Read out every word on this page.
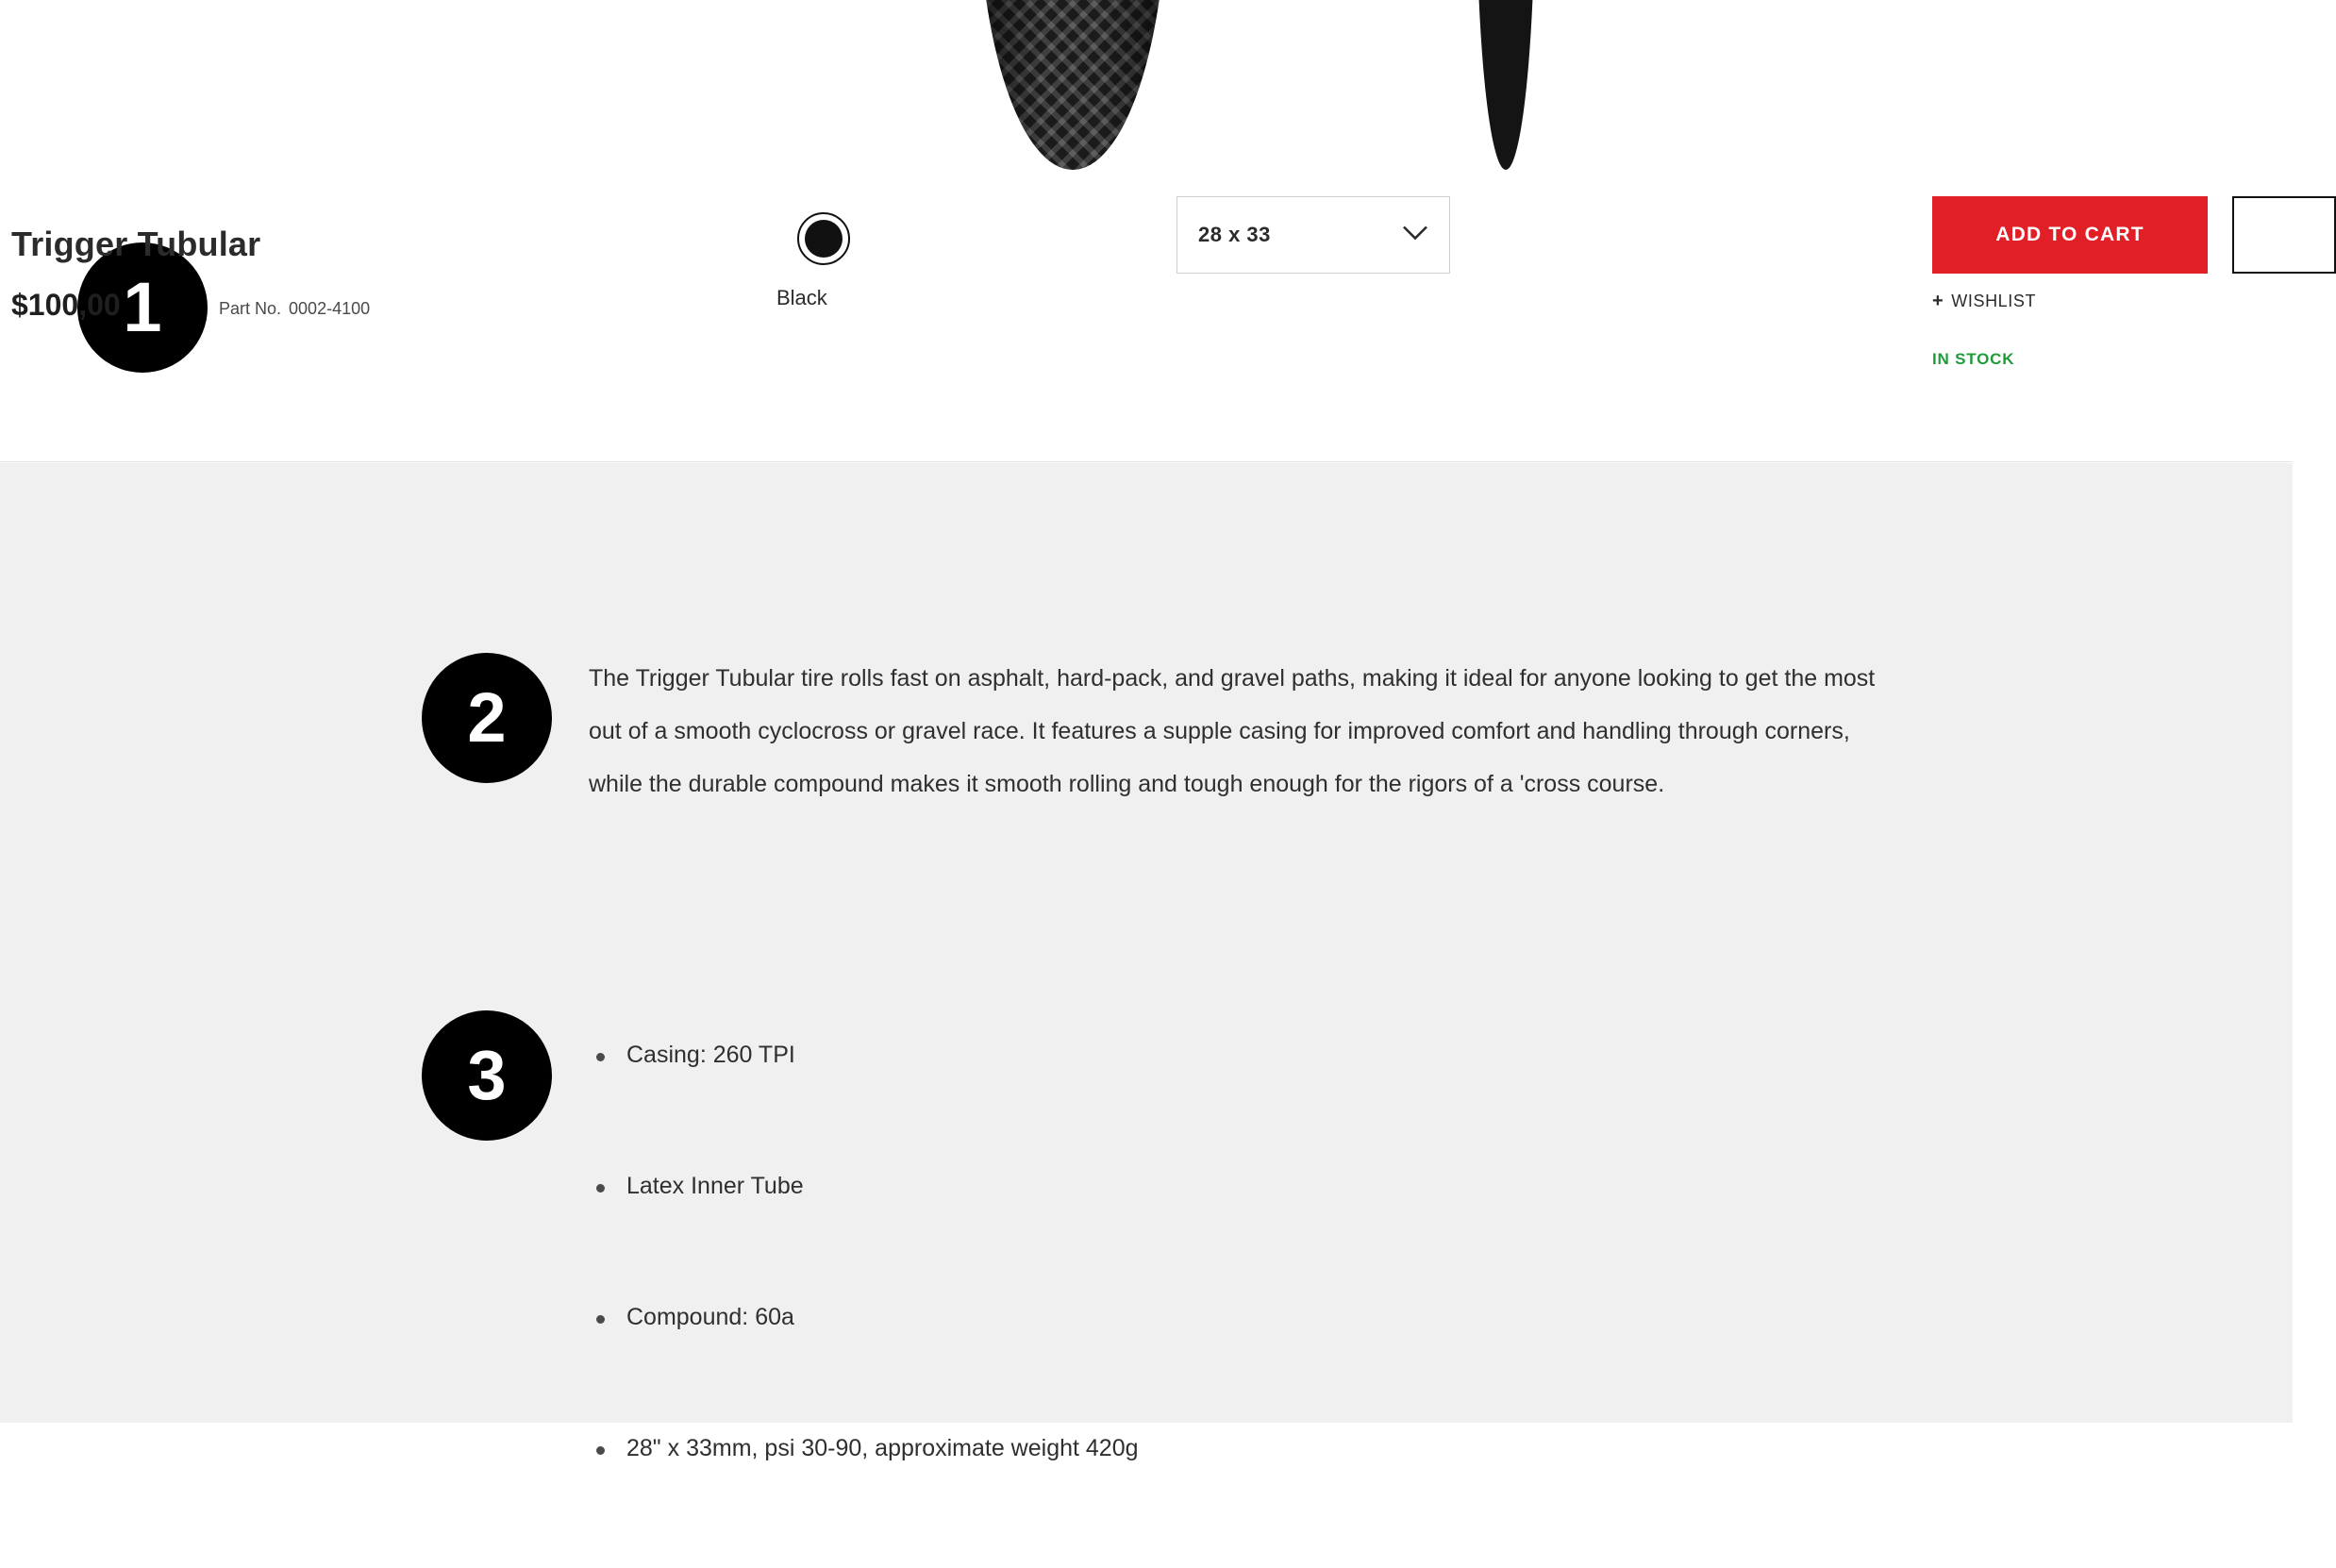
1
Trigger Tubular
$100,00	Part No. 0002-4100	Black
28 x 33	ADD TO CART
+ WISHLIST
IN STOCK
2	The Trigger Tubular tire rolls fast on asphalt, hard-pack, and gravel paths, making it ideal for anyone looking to get the most out of a smooth cyclocross or gravel race. It features a supple casing for improved comfort and handling through corners, while the durable compound makes it smooth rolling and tough enough for the rigors of a 'cross course.

3	Casing: 260 TPI
Latex Inner Tube
Compound: 60a
28" x 33mm, psi 30-90, approximate weight 420g
